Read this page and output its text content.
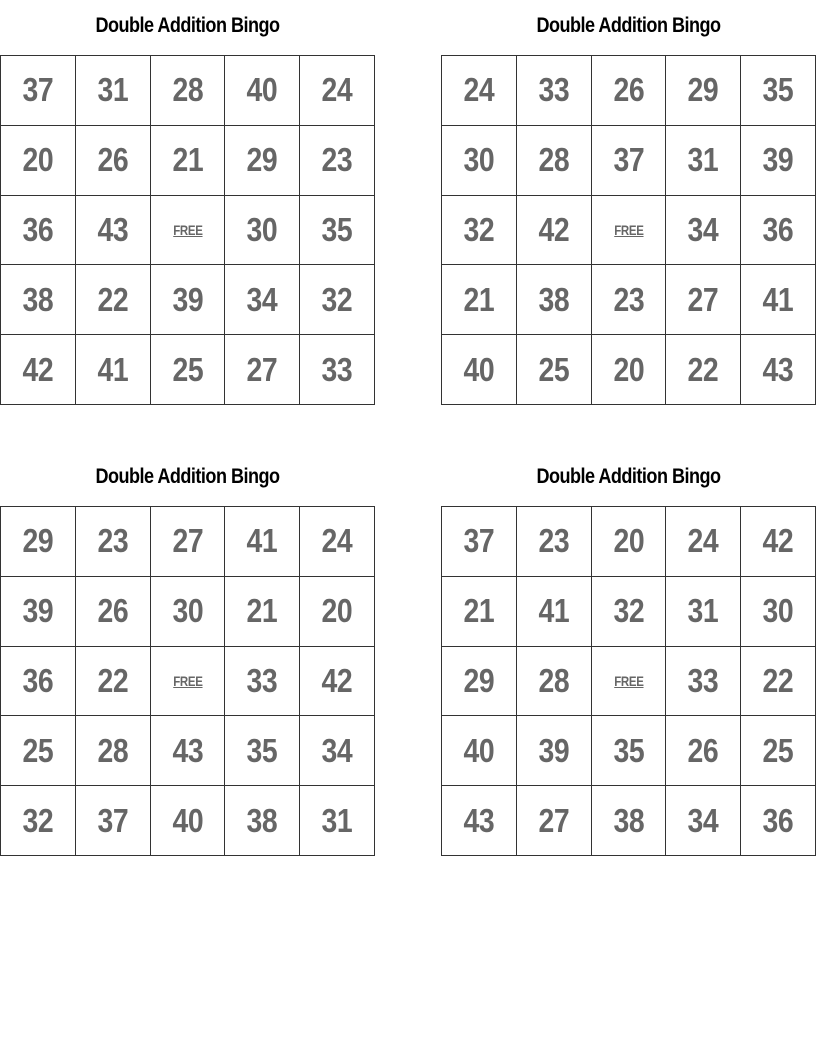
Double Addition Bingo
37 31 28 40 24
20 26 21 29 23
36 43	FREE 30 35
38 22 39 34 32
42 41 25 27 33
Double Addition Bingo
24 33 26 29 35
30 28 37 31 39
32 42	FREE 34 36
21 38 23 27 41
40 25 20 22 43
Double Addition Bingo
29 23 27 41 24
39 26 30 21 20
36 22	FREE 33 42
25 28 43 35 34
32 37 40 38 31
Double Addition Bingo
37 23 20 24 42
21 41 32 31 30
29 28	FREE 33 22
40 39 35 26 25
43 27 38 34 36
